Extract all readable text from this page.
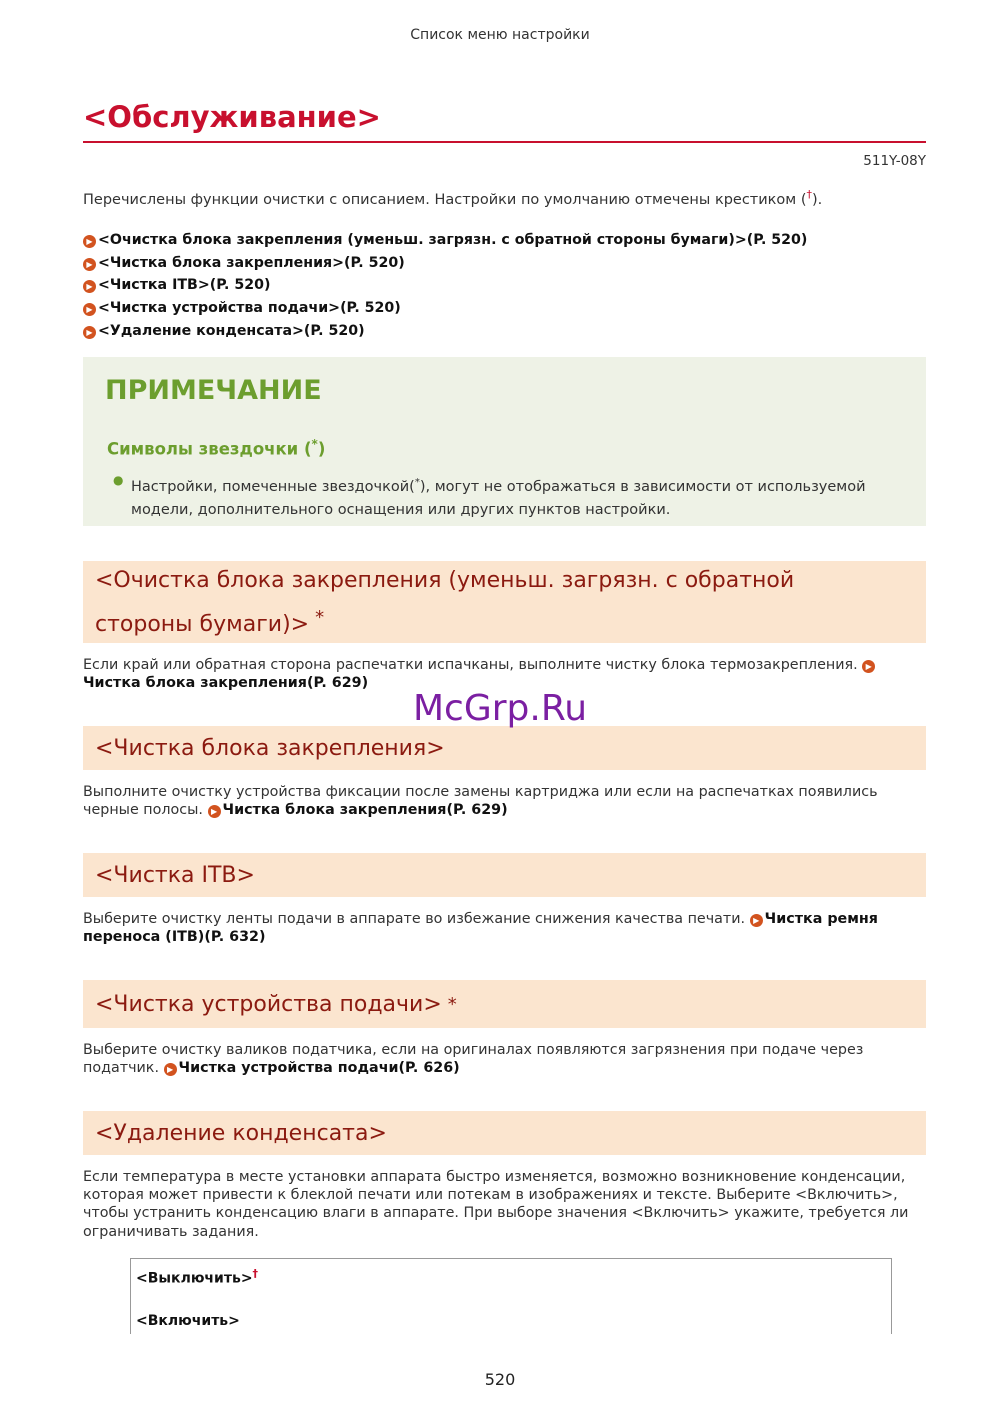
Список меню настройки
<Обслуживание>
511Y-08Y
Перечислены функции очистки с описанием. Настройки по умолчанию отмечены крестиком (†).
▶ <Очистка блока закрепления (уменьш. загрязн. с обратной стороны бумаги)>(P. 520)
▶ <Чистка блока закрепления>(P. 520)
▶ <Чистка ITB>(P. 520)
▶ <Чистка устройства подачи>(P. 520)
▶ <Удаление конденсата>(P. 520)
ПРИМЕЧАНИЕ
Символы звездочки (*)
● Настройки, помеченные звездочкой(*), могут не отображаться в зависимости от используемой модели, дополнительного оснащения или других пунктов настройки.
<Очистка блока закрепления (уменьш. загрязн. с обратной стороны бумаги)> *
Если край или обратная сторона распечатки испачканы, выполните чистку блока термозакрепления. ▶Чистка блока закрепления(P. 629)
<Чистка блока закрепления>
Выполните очистку устройства фиксации после замены картриджа или если на распечатках появились черные полосы. ▶ Чистка блока закрепления(P. 629)
<Чистка ITB>
Выберите очистку ленты подачи в аппарате во избежание снижения качества печати. ▶ Чистка ремня переноса (ITB)(P. 632)
<Чистка устройства подачи> *
Выберите очистку валиков податчика, если на оригиналах появляются загрязнения при подаче через податчик. ▶ Чистка устройства подачи(P. 626)
<Удаление конденсата>
Если температура в месте установки аппарата быстро изменяется, возможно возникновение конденсации, которая может привести к блеклой печати или потекам в изображениях и тексте. Выберите <Включить>, чтобы устранить конденсацию влаги в аппарате. При выборе значения <Включить> укажите, требуется ли ограничивать задания.
<Выключить>†
<Включить>
McGrp.Ru
520
